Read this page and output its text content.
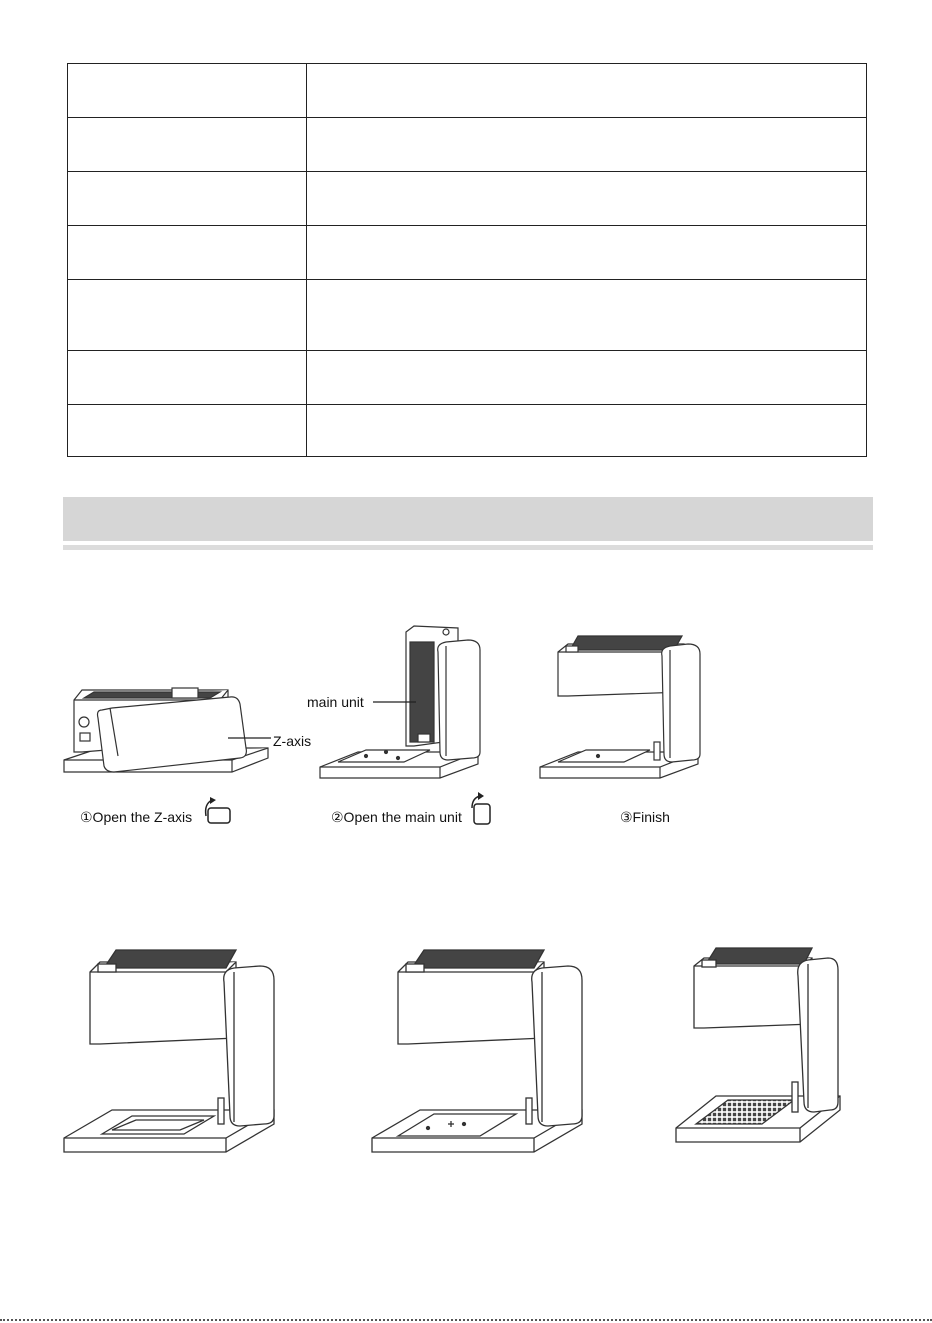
Z-axis
①Open the Z-axis
main unit
②Open the main unit	③Finish
